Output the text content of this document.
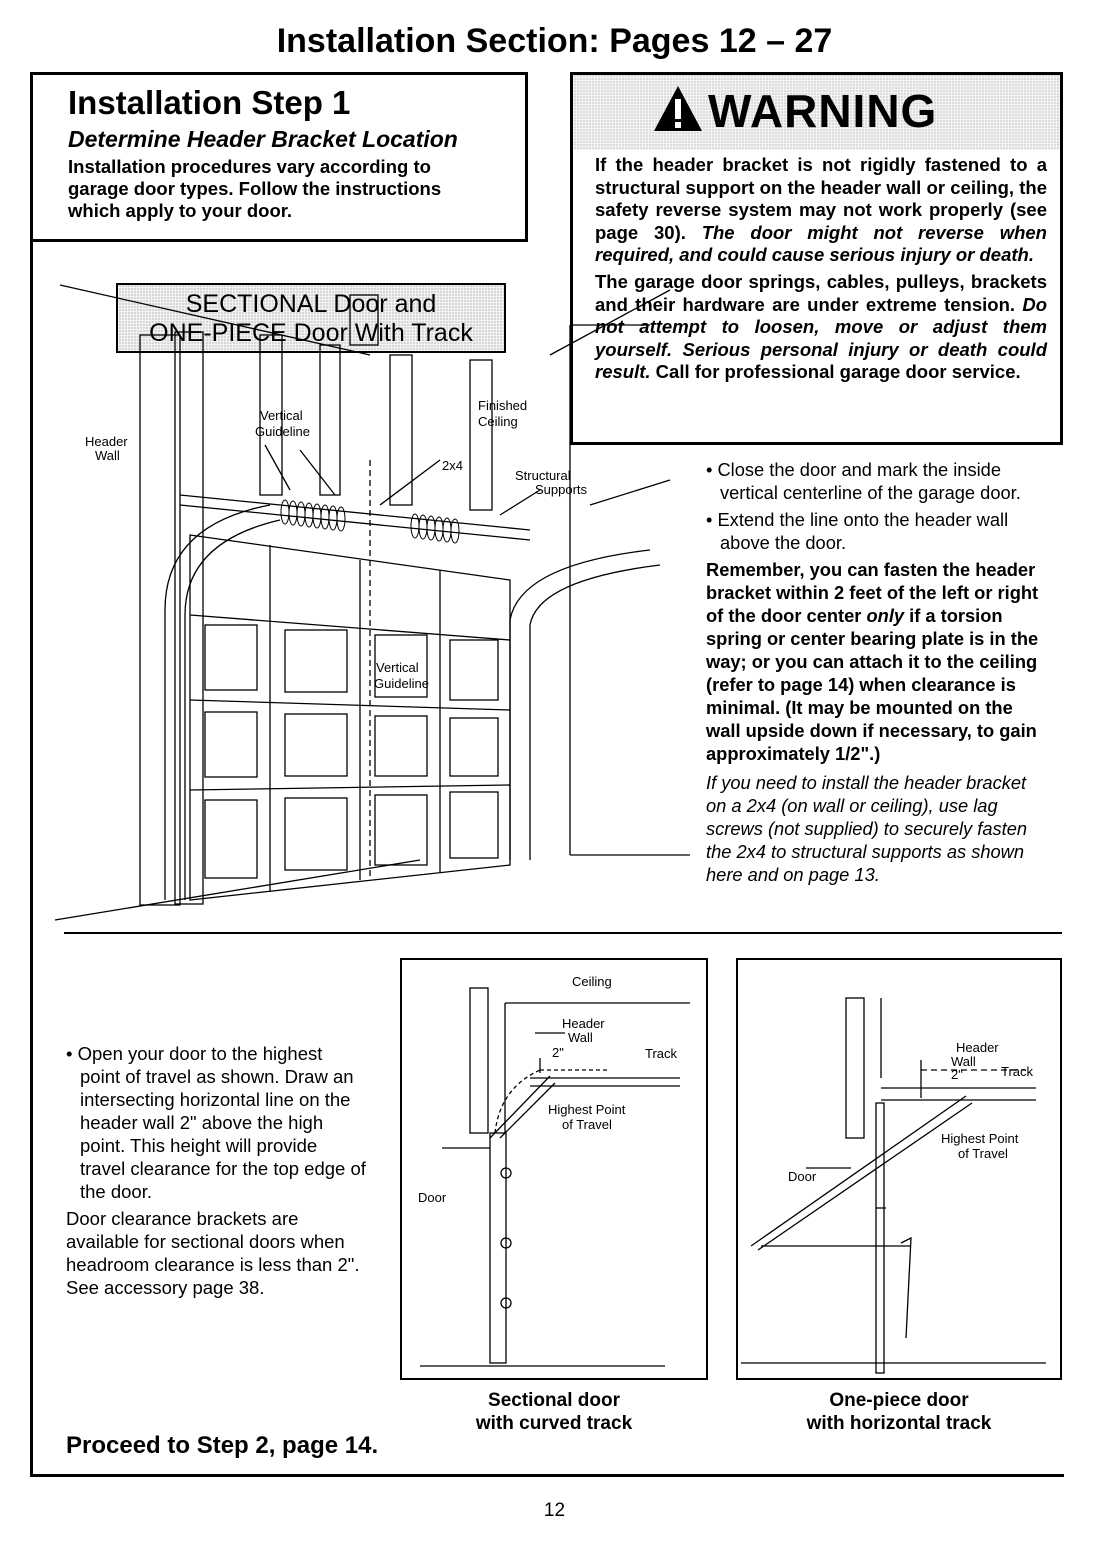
Installation Section: Pages 12 – 27
Installation Step 1
Determine Header Bracket Location
Installation procedures vary according to garage door types. Follow the instructions which apply to your door.
WARNING
If the header bracket is not rigidly fastened to a structural support on the header wall or ceiling, the safety reverse system may not work properly (see page 30). The door might not reverse when required, and could cause serious injury or death.
The garage door springs, cables, pulleys, brackets and their hardware are under extreme tension. Do not attempt to loosen, move or adjust them yourself. Serious personal injury or death could result. Call for professional garage door service.
SECTIONAL Door and
ONE-PIECE Door With Track
Header
Wall
Vertical
Guideline
Finished
Ceiling
2x4
Structural
Supports
Vertical
Guideline

• Close the door and mark the inside vertical centerline of the garage door.

• Extend the line onto the header wall above the door.

Remember, you can fasten the header bracket within 2 feet of the left or right of the door center only if a torsion spring or center bearing plate is in the way; or you can attach it to the ceiling (refer to page 14) when clearance is minimal. (It may be mounted on the wall upside down if necessary, to gain approximately 1/2".)

If you need to install the header bracket on a 2x4 (on wall or ceiling), use lag screws (not supplied) to securely fasten the 2x4 to structural supports as shown here and on page 13.

• Open your door to the highest point of travel as shown. Draw an intersecting horizontal line on the header wall 2" above the high point. This height will provide travel clearance for the top edge of the door.

Door clearance brackets are available for sectional doors when headroom clearance is less than 2". See accessory page 38.

Ceiling
Header
Wall
2"	Track
Highest Point
of Travel
Door
Header
Wall
2"	Track
Highest Point
of Travel
Door
Sectional door
with curved track
One-piece door
with horizontal track
Proceed to Step 2, page 14.
12
